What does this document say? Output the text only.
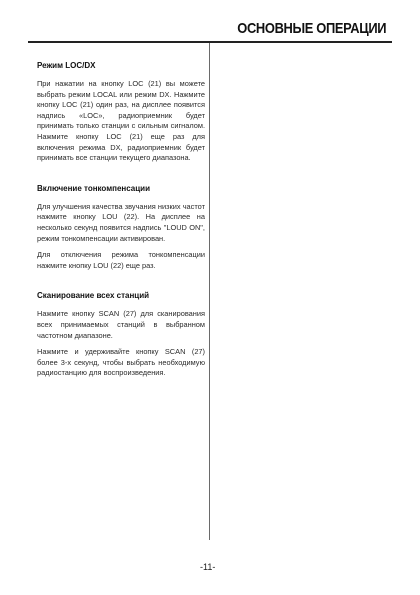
ОСНОВНЫЕ ОПЕРАЦИИ
Режим LOC/DX

При нажатии на кнопку LOC (21) вы можете выбрать режим LOCAL или режим DX. Нажмите кнопку LOC (21) один раз, на дисплее появится надпись «LOC», радиоприемник будет принимать только станции с сильным сигналом. Нажмите кнопку LOC (21) еще раз для включения режима DX, радиоприемник будет принимать все станции текущего диапазона.

Включение тонкомпенсации

Для улучшения качества звучания низких частот нажмите кнопку LOU (22). На дисплее на несколько секунд появится надпись "LOUD ON", режим тонкомпенсации активирован.

Для отключения режима тонкомпенсации нажмите кнопку LOU (22) еще раз.

Сканирование всех станций

Нажмите кнопку SCAN (27) для сканирования всех принимаемых станций в выбранном частотном диапазоне.

Нажмите и удерживайте кнопку SCAN (27) более 3-х секунд, чтобы выбрать необходимую радиостанцию для воспроизведения.

-11-
